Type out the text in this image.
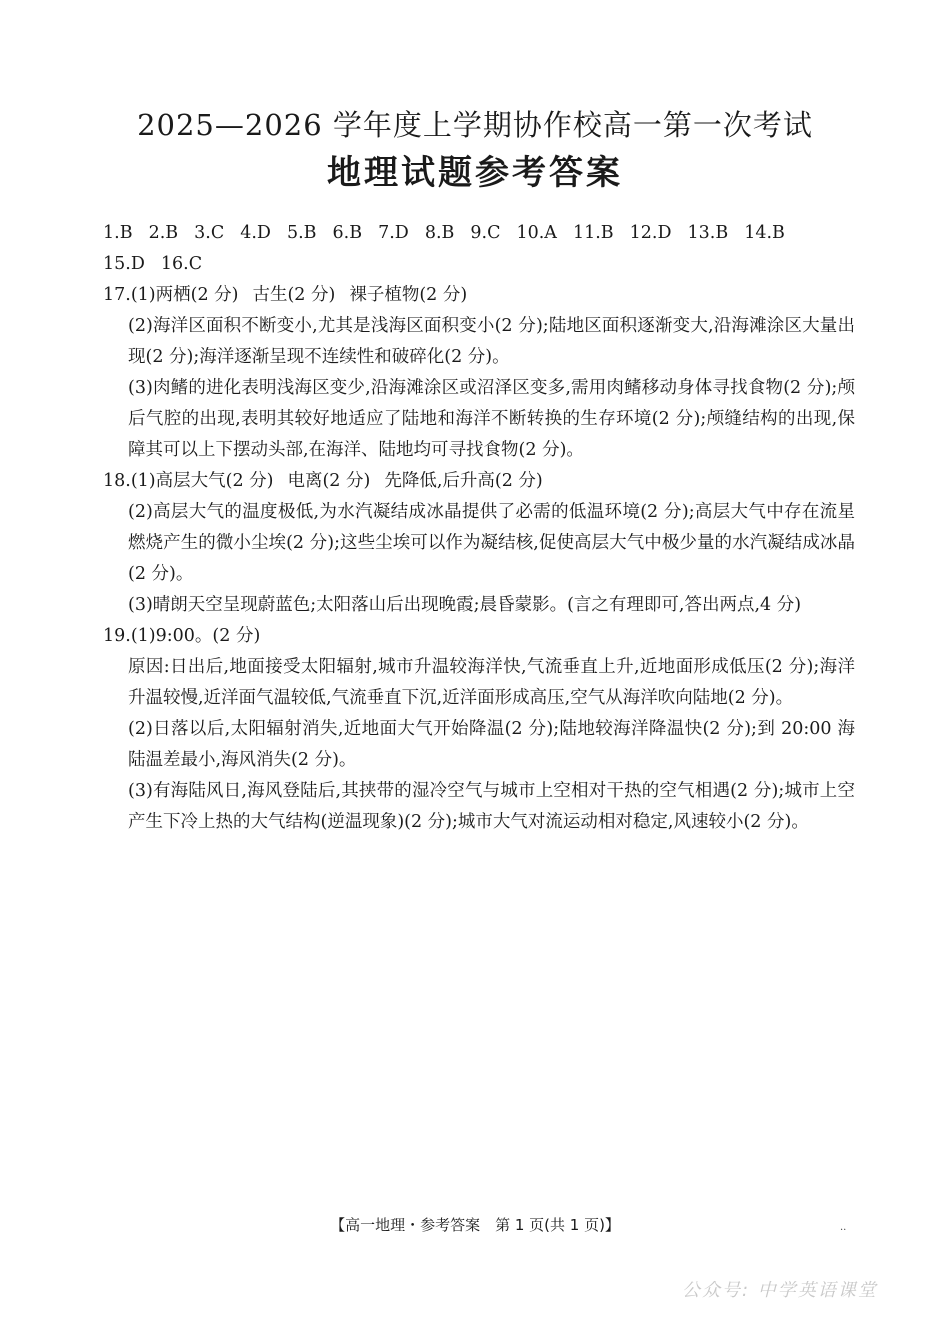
2025—2026 学年度上学期协作校高一第一次考试
地理试题参考答案
1.B 2.B 3.C 4.D 5.B 6.B 7.D 8.B 9.C 10.A 11.B 12.D 13.B 14.B
15.D 16.C
17.(1)两栖(2 分) 古生(2 分) 裸子植物(2 分)
(2)海洋区面积不断变小,尤其是浅海区面积变小(2 分);陆地区面积逐渐变大,沿海滩涂区大量出现(2 分);海洋逐渐呈现不连续性和破碎化(2 分)。
(3)肉鳍的进化表明浅海区变少,沿海滩涂区或沼泽区变多,需用肉鳍移动身体寻找食物(2 分);颅后气腔的出现,表明其较好地适应了陆地和海洋不断转换的生存环境(2 分);颅缝结构的出现,保障其可以上下摆动头部,在海洋、陆地均可寻找食物(2 分)。
18.(1)高层大气(2 分) 电离(2 分) 先降低,后升高(2 分)
(2)高层大气的温度极低,为水汽凝结成冰晶提供了必需的低温环境(2 分);高层大气中存在流星燃烧产生的微小尘埃(2 分);这些尘埃可以作为凝结核,促使高层大气中极少量的水汽凝结成冰晶(2 分)。
(3)晴朗天空呈现蔚蓝色;太阳落山后出现晚霞;晨昏蒙影。(言之有理即可,答出两点,4 分)
19.(1)9:00。(2 分)
原因:日出后,地面接受太阳辐射,城市升温较海洋快,气流垂直上升,近地面形成低压(2 分);海洋升温较慢,近洋面气温较低,气流垂直下沉,近洋面形成高压,空气从海洋吹向陆地(2 分)。
(2)日落以后,太阳辐射消失,近地面大气开始降温(2 分);陆地较海洋降温快(2 分);到 20:00 海陆温差最小,海风消失(2 分)。
(3)有海陆风日,海风登陆后,其挟带的湿冷空气与城市上空相对干热的空气相遇(2 分);城市上空产生下冷上热的大气结构(逆温现象)(2 分);城市大气对流运动相对稳定,风速较小(2 分)。
【高一地理・参考答案　第 1 页(共 1 页)】	..
公众号: 中学英语课堂
